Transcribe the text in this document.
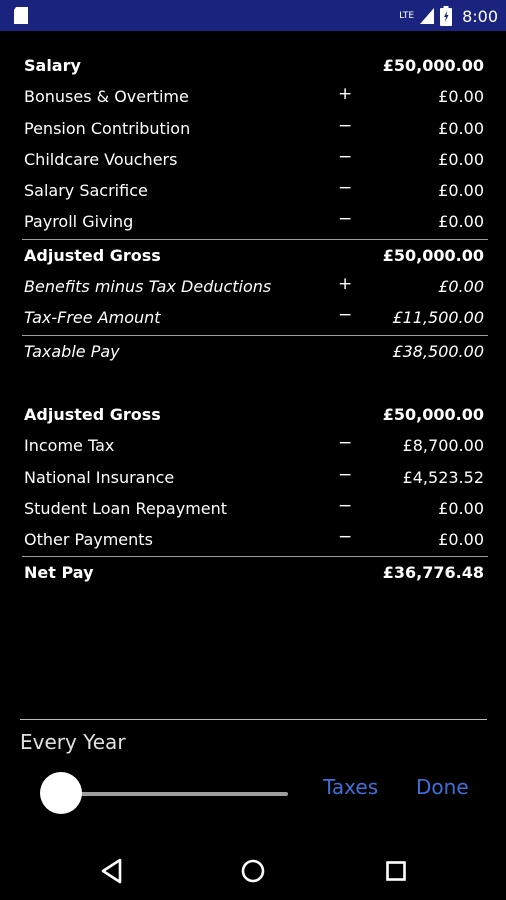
LTE	8:00
Salary	£50,000.00
Bonuses & Overtime	+	£0.00
Pension Contribution	−	£0.00
Childcare Vouchers	−	£0.00
Salary Sacrifice	−	£0.00
Payroll Giving	−	£0.00
Adjusted Gross	£50,000.00
Benefits minus Tax Deductions	+	£0.00
Tax-Free Amount	−	£11,500.00
Taxable Pay	£38,500.00
Adjusted Gross	£50,000.00
Income Tax	−	£8,700.00
National Insurance	−	£4,523.52
Student Loan Repayment	−	£0.00
Other Payments	−	£0.00
Net Pay	£36,776.48
Every Year
Taxes Done
